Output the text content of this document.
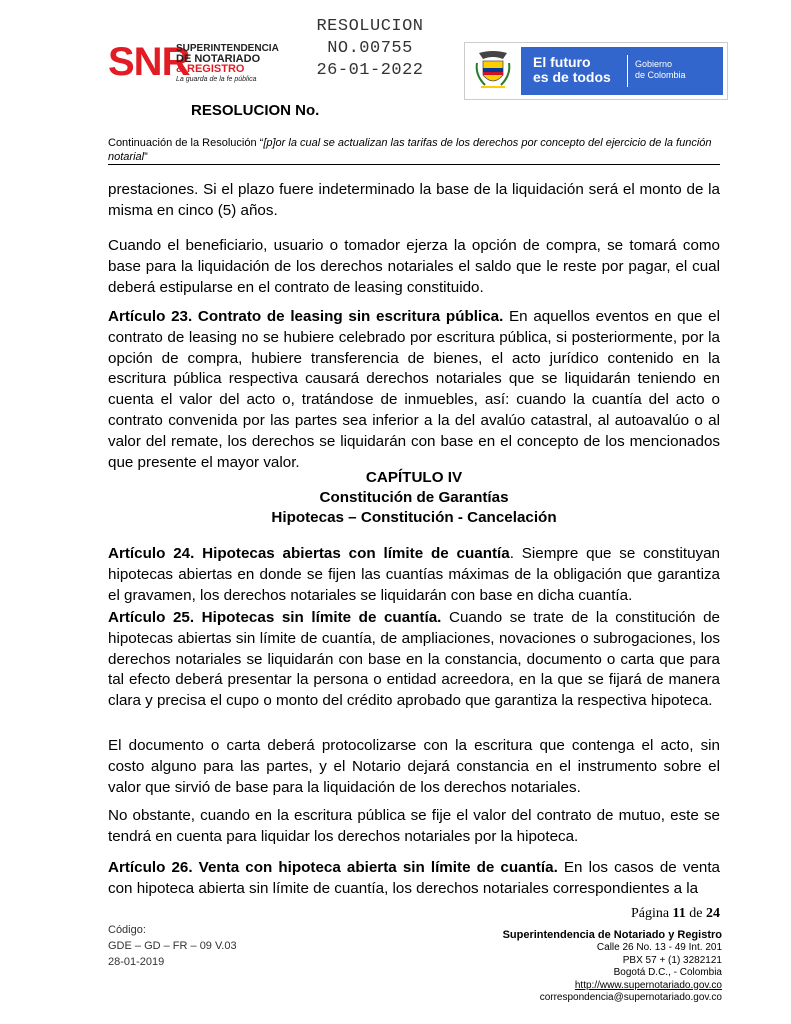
RESOLUCION
NO.00755
26-01-2022
SNR
SUPERINTENDENCIA
DE NOTARIADO
& REGISTRO
La guarda de la fe pública
El futuro
es de todos
Gobierno
de Colombia
RESOLUCION No.
Continuación de la Resolución “[p]or la cual se actualizan las tarifas de los derechos por concepto del ejercicio de la función notarial”

prestaciones. Si el plazo fuere indeterminado la base de la liquidación será el monto de la misma en cinco (5) años.

Cuando el beneficiario, usuario o tomador ejerza la opción de compra, se tomará como base para la liquidación de los derechos notariales el saldo que le reste por pagar, el cual deberá estipularse en el contrato de leasing constituido.

Artículo 23. Contrato de leasing sin escritura pública. En aquellos eventos en que el contrato de leasing no se hubiere celebrado por escritura pública, si posteriormente, por la opción de compra, hubiere transferencia de bienes, el acto jurídico contenido en la escritura pública respectiva causará derechos notariales que se liquidarán teniendo en cuenta el valor del acto o, tratándose de inmuebles, así: cuando la cuantía del acto o contrato convenida por las partes sea inferior a la del avalúo catastral, al autoavalúo o al valor del remate, los derechos se liquidarán con base en el concepto de los mencionados que presente el mayor valor.

CAPÍTULO IV
Constitución de Garantías
Hipotecas – Constitución - Cancelación

Artículo 24. Hipotecas abiertas con límite de cuantía. Siempre que se constituyan hipotecas abiertas en donde se fijen las cuantías máximas de la obligación que garantiza el gravamen, los derechos notariales se liquidarán con base en dicha cuantía.

Artículo 25. Hipotecas sin límite de cuantía. Cuando se trate de la constitución de hipotecas abiertas sin límite de cuantía, de ampliaciones, novaciones o subrogaciones, los derechos notariales se liquidarán con base en la constancia, documento o carta que para tal efecto deberá presentar la persona o entidad acreedora, en la que se fijará de manera clara y precisa el cupo o monto del crédito aprobado que garantiza la respectiva hipoteca.

El documento o carta deberá protocolizarse con la escritura que contenga el acto, sin costo alguno para las partes, y el Notario dejará constancia en el instrumento sobre el valor que sirvió de base para la liquidación de los derechos notariales.

No obstante, cuando en la escritura pública se fije el valor del contrato de mutuo, este se tendrá en cuenta para liquidar los derechos notariales por la hipoteca.

Artículo 26. Venta con hipoteca abierta sin límite de cuantía. En los casos de venta con hipoteca abierta sin límite de cuantía, los derechos notariales correspondientes a la

Página 11 de 24
Código:
GDE – GD – FR – 09 V.03
28-01-2019
Superintendencia de Notariado y Registro
Calle 26 No. 13 - 49 Int. 201
PBX 57 + (1) 3282121
Bogotá D.C., - Colombia
http://www.supernotariado.gov.co
correspondencia@supernotariado.gov.co
